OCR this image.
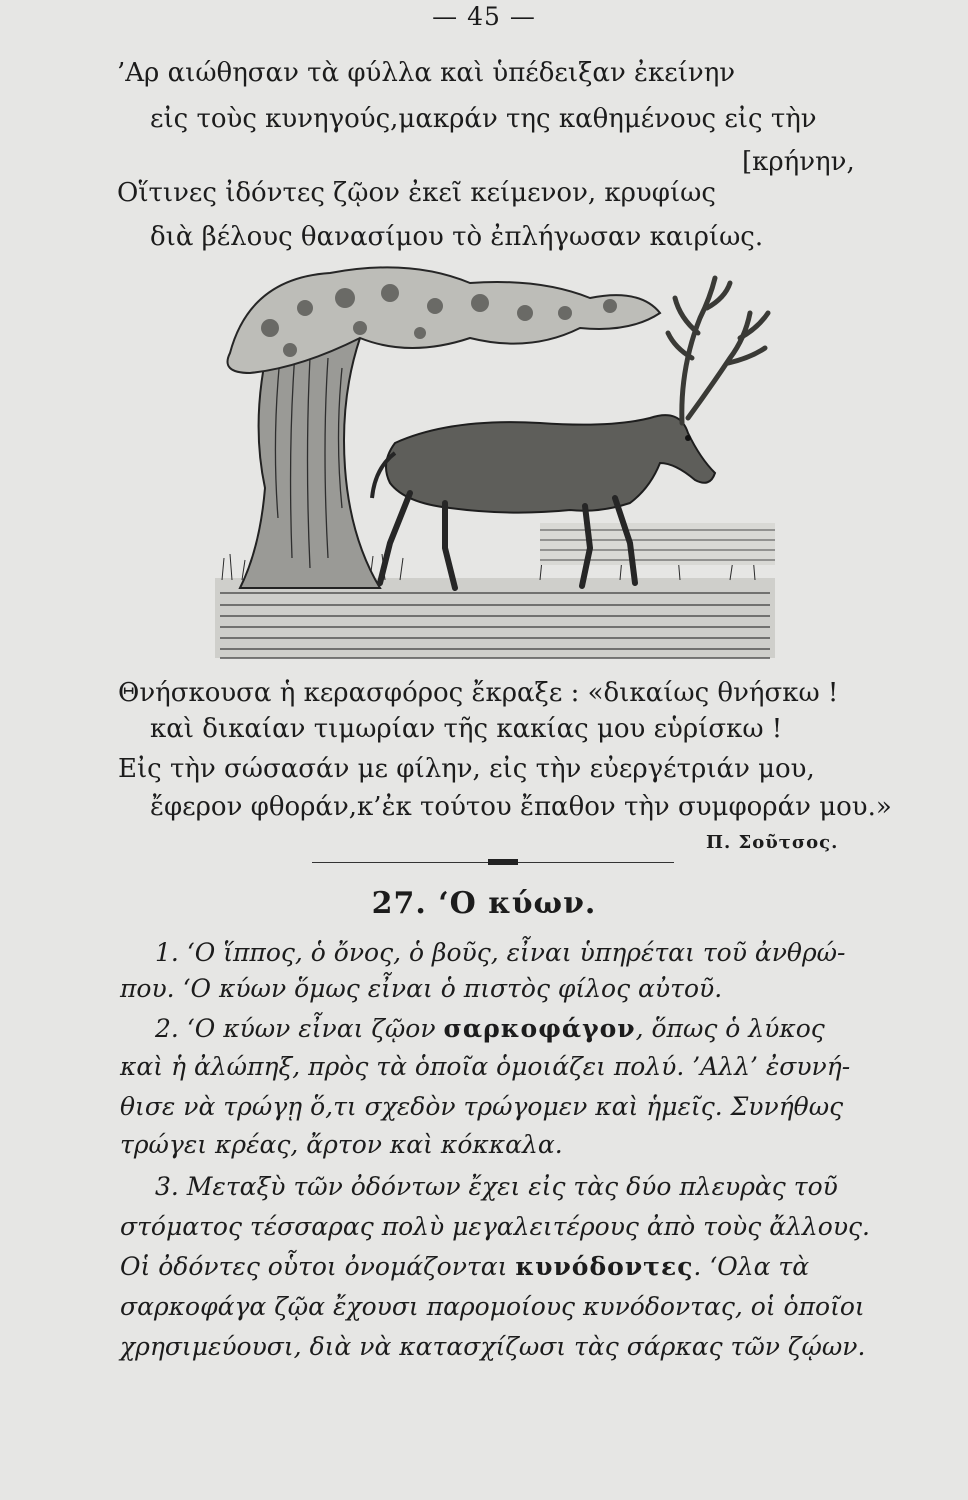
— 45 —
’Αρ αιώθησαν τὰ φύλλα καὶ ὑπέδειξαν ἐκείνην
εἰς τοὺς κυνηγούς,μακράν της καθημένους εἰς τὴν
[κρήνην,
Οἵτινες ἰδόντες ζῷον ἐκεῖ κείμενον, κρυφίως
διὰ βέλους θανασίμου τὸ ἐπλήγωσαν καιρίως.
Θνήσκουσα ἡ κερασφόρος ἔκραξε : «δικαίως θνήσκω !
καὶ δικαίαν τιμωρίαν τῆς κακίας μου εὑρίσκω !
Εἰς τὴν σώσασάν με φίλην, εἰς τὴν εὐεργέτριάν μου,
ἔφερον φθοράν,κ’ἐκ τούτου ἔπαθον τὴν συμφοράν μου.»
Π. Σοῦτσος.
27. ‘Ο κύων.
1. ‘Ο ἵππος, ὁ ὄνος, ὁ βοῦς, εἶναι ὑπηρέται τοῦ ἀνθρώ-
που. ‘Ο κύων ὅμως εἶναι ὁ πιστὸς φίλος αὐτοῦ.
2. ‘Ο κύων εἶναι ζῷον σαρκοφάγον, ὅπως ὁ λύκος
καὶ ἡ ἀλώπηξ, πρὸς τὰ ὁποῖα ὁμοιάζει πολύ. ’Αλλ’ ἐσυνή-
θισε νὰ τρώγῃ ὅ,τι σχεδὸν τρώγομεν καὶ ἡμεῖς. Συνήθως
τρώγει κρέας, ἄρτον καὶ κόκκαλα.
3. Μεταξὺ τῶν ὀδόντων ἔχει εἰς τὰς δύο πλευρὰς τοῦ
στόματος τέσσαρας πολὺ μεγαλειτέρους ἀπὸ τοὺς ἄλλους.
Οἱ ὀδόντες οὗτοι ὀνομάζονται κυνόδοντες. ‘Ολα τὰ
σαρκοφάγα ζῷα ἔχουσι παρομοίους κυνόδοντας, οἱ ὁποῖοι
χρησιμεύουσι, διὰ νὰ κατασχίζωσι τὰς σάρκας τῶν ζῴων.
